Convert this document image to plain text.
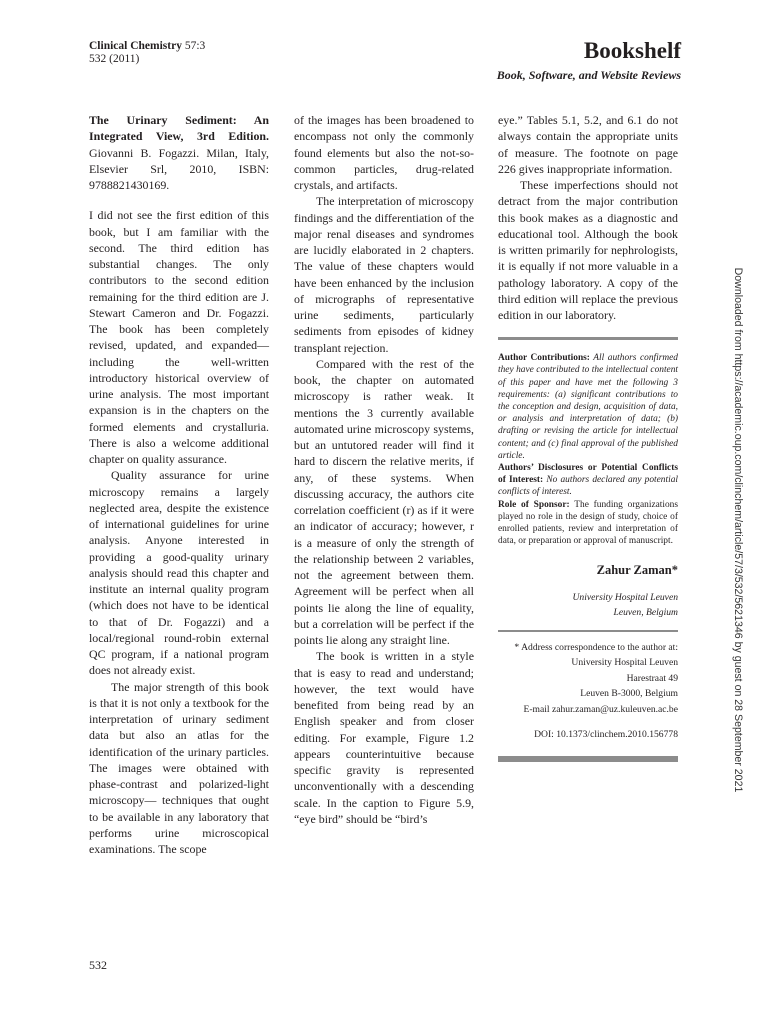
Clinical Chemistry 57:3
532 (2011)	Bookshelf
Book, Software, and Website Reviews

The Urinary Sediment: An Integrated View, 3rd Edition. Giovanni B. Fogazzi. Milan, Italy, Elsevier Srl, 2010, ISBN: 9788821430169.

I did not see the first edition of this book, but I am familiar with the second. The third edition has substantial changes. The only contributors to the second edition remaining for the third edition are J. Stewart Cameron and Dr. Fogazzi. The book has been completely revised, updated, and expanded—including the well-written introductory historical overview of urine analysis. The most important expansion is in the chapters on the formed elements and crystalluria. There is also a welcome additional chapter on quality assurance.

Quality assurance for urine microscopy remains a largely neglected area, despite the existence of international guidelines for urine analysis. Anyone interested in providing a good-quality urinary analysis should read this chapter and institute an internal quality program (which does not have to be identical to that of Dr. Fogazzi) and a local/regional round-robin external QC program, if a national program does not already exist.

The major strength of this book is that it is not only a textbook for the interpretation of urinary sediment data but also an atlas for the identification of the urinary particles. The images were obtained with phase-contrast and polarized-light microscopy— techniques that ought to be available in any laboratory that performs urine microscopical examinations. The scope

of the images has been broadened to encompass not only the commonly found elements but also the not-so-common particles, drug-related crystals, and artifacts.

The interpretation of microscopy findings and the differentiation of the major renal diseases and syndromes are lucidly elaborated in 2 chapters. The value of these chapters would have been enhanced by the inclusion of micrographs of representative urine sediments, particularly sediments from episodes of kidney transplant rejection.

Compared with the rest of the book, the chapter on automated microscopy is rather weak. It mentions the 3 currently available automated urine microscopy systems, but an untutored reader will find it hard to discern the relative merits, if any, of these systems. When discussing accuracy, the authors cite correlation coefficient (r) as if it were an indicator of accuracy; however, r is a measure of only the strength of the relationship between 2 variables, not the agreement between them. Agreement will be perfect when all points lie along the line of equality, but a correlation will be perfect if the points lie along any straight line.

The book is written in a style that is easy to read and understand; however, the text would have benefited from being read by an English speaker and from closer editing. For example, Figure 1.2 appears counterintuitive because specific gravity is represented unconventionally with a descending scale. In the caption to Figure 5.9, “eye bird” should be “bird’s

eye.” Tables 5.1, 5.2, and 6.1 do not always contain the appropriate units of measure. The footnote on page 226 gives inappropriate information.

These imperfections should not detract from the major contribution this book makes as a diagnostic and educational tool. Although the book is written primarily for nephrologists, it is equally if not more valuable in a pathology laboratory. A copy of the third edition will replace the previous edition in our laboratory.

Author Contributions: All authors confirmed they have contributed to the intellectual content of this paper and have met the following 3 requirements: (a) significant contributions to the conception and design, acquisition of data, or analysis and interpretation of data; (b) drafting or revising the article for intellectual content; and (c) final approval of the published article.

Authors’ Disclosures or Potential Conflicts of Interest: No authors declared any potential conflicts of interest.

Role of Sponsor: The funding organizations played no role in the design of study, choice of enrolled patients, review and interpretation of data, or preparation or approval of manuscript.

Zahur Zaman*
University Hospital Leuven
Leuven, Belgium
* Address correspondence to the author at:
University Hospital Leuven
Harestraat 49
Leuven B-3000, Belgium
E-mail zahur.zaman@uz.kuleuven.ac.be
DOI: 10.1373/clinchem.2010.156778	Downloaded from https://academic.oup.com/clinchem/article/57/3/532/5621346 by guest on 28 September 2021
532
